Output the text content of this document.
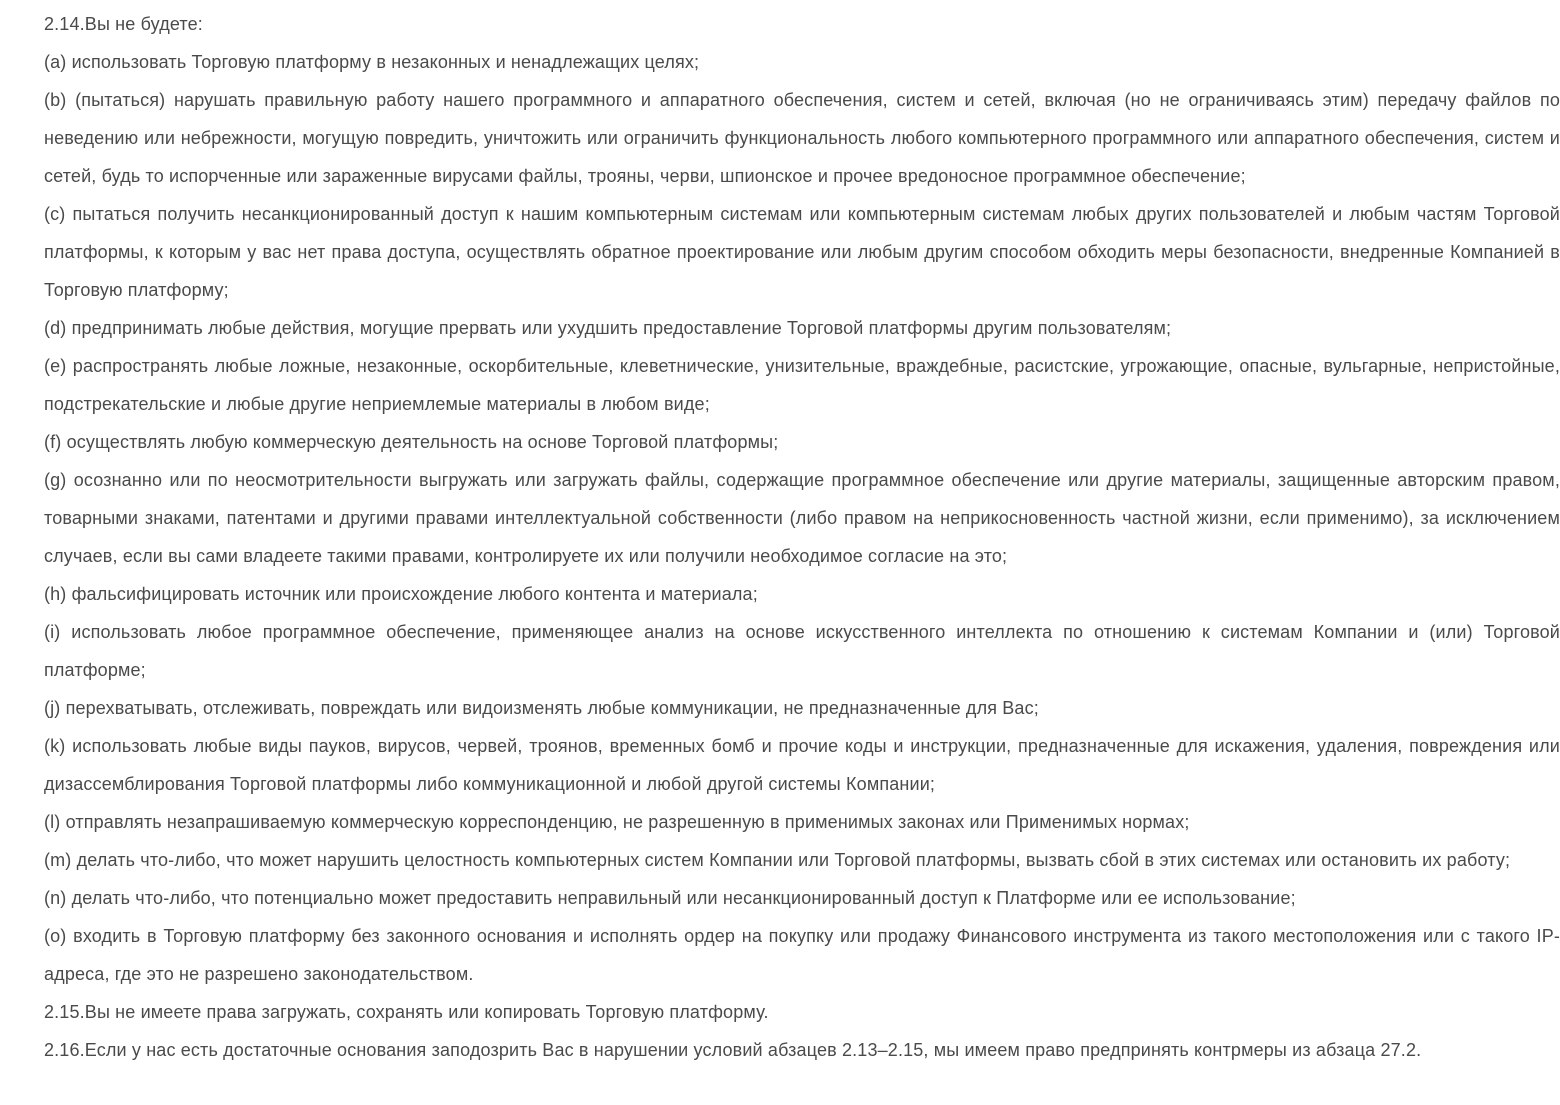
2.14.Вы не будете:

(a) использовать Торговую платформу в незаконных и ненадлежащих целях;

(b) (пытаться) нарушать правильную работу нашего программного и аппаратного обеспечения, систем и сетей, включая (но не ограничиваясь этим) передачу файлов по неведению или небрежности, могущую повредить, уничтожить или ограничить функциональность любого компьютерного программного или аппаратного обеспечения, систем и сетей, будь то испорченные или зараженные вирусами файлы, трояны, черви, шпионское и прочее вредоносное программное обеспечение;

(c) пытаться получить несанкционированный доступ к нашим компьютерным системам или компьютерным системам любых других пользователей и любым частям Торговой платформы, к которым у вас нет права доступа, осуществлять обратное проектирование или любым другим способом обходить меры безопасности, внедренные Компанией в Торговую платформу;

(d) предпринимать любые действия, могущие прервать или ухудшить предоставление Торговой платформы другим пользователям;

(e) распространять любые ложные, незаконные, оскорбительные, клеветнические, унизительные, враждебные, расистские, угрожающие, опасные, вульгарные, непристойные, подстрекательские и любые другие неприемлемые материалы в любом виде;

(f) осуществлять любую коммерческую деятельность на основе Торговой платформы;

(g) осознанно или по неосмотрительности выгружать или загружать файлы, содержащие программное обеспечение или другие материалы, защищенные авторским правом, товарными знаками, патентами и другими правами интеллектуальной собственности (либо правом на неприкосновенность частной жизни, если применимо), за исключением случаев, если вы сами владеете такими правами, контролируете их или получили необходимое согласие на это;

(h) фальсифицировать источник или происхождение любого контента и материала;

(i) использовать любое программное обеспечение, применяющее анализ на основе искусственного интеллекта по отношению к системам Компании и (или) Торговой платформе;

(j) перехватывать, отслеживать, повреждать или видоизменять любые коммуникации, не предназначенные для Вас;

(k) использовать любые виды пауков, вирусов, червей, троянов, временных бомб и прочие коды и инструкции, предназначенные для искажения, удаления, повреждения или дизассемблирования Торговой платформы либо коммуникационной и любой другой системы Компании;

(l) отправлять незапрашиваемую коммерческую корреспонденцию, не разрешенную в применимых законах или Применимых нормах;

(m) делать что-либо, что может нарушить целостность компьютерных систем Компании или Торговой платформы, вызвать сбой в этих системах или остановить их работу;

(n) делать что-либо, что потенциально может предоставить неправильный или несанкционированный доступ к Платформе или ее использование;

(o) входить в Торговую платформу без законного основания и исполнять ордер на покупку или продажу Финансового инструмента из такого местоположения или с такого IP-адреса, где это не разрешено законодательством.

2.15.Вы не имеете права загружать, сохранять или копировать Торговую платформу.

2.16.Если у нас есть достаточные основания заподозрить Вас в нарушении условий абзацев 2.13–2.15, мы имеем право предпринять контрмеры из абзаца 27.2.
